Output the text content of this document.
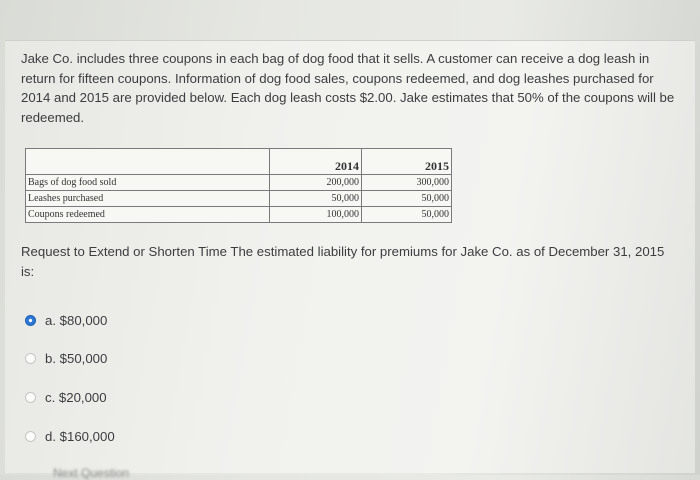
Jake Co. includes three coupons in each bag of dog food that it sells. A customer can receive a dog leash in return for fifteen coupons. Information of dog food sales, coupons redeemed, and dog leashes purchased for 2014 and 2015 are provided below. Each dog leash costs $2.00. Jake estimates that 50% of the coupons will be redeemed.
	2014	2015
Bags of dog food sold	200,000	300,000
Leashes purchased	50,000	50,000
Coupons redeemed	100,000	50,000
Request to Extend or Shorten Time The estimated liability for premiums for Jake Co. as of December 31, 2015 is:
a. $80,000
b. $50,000
c. $20,000
d. $160,000
Next Question
